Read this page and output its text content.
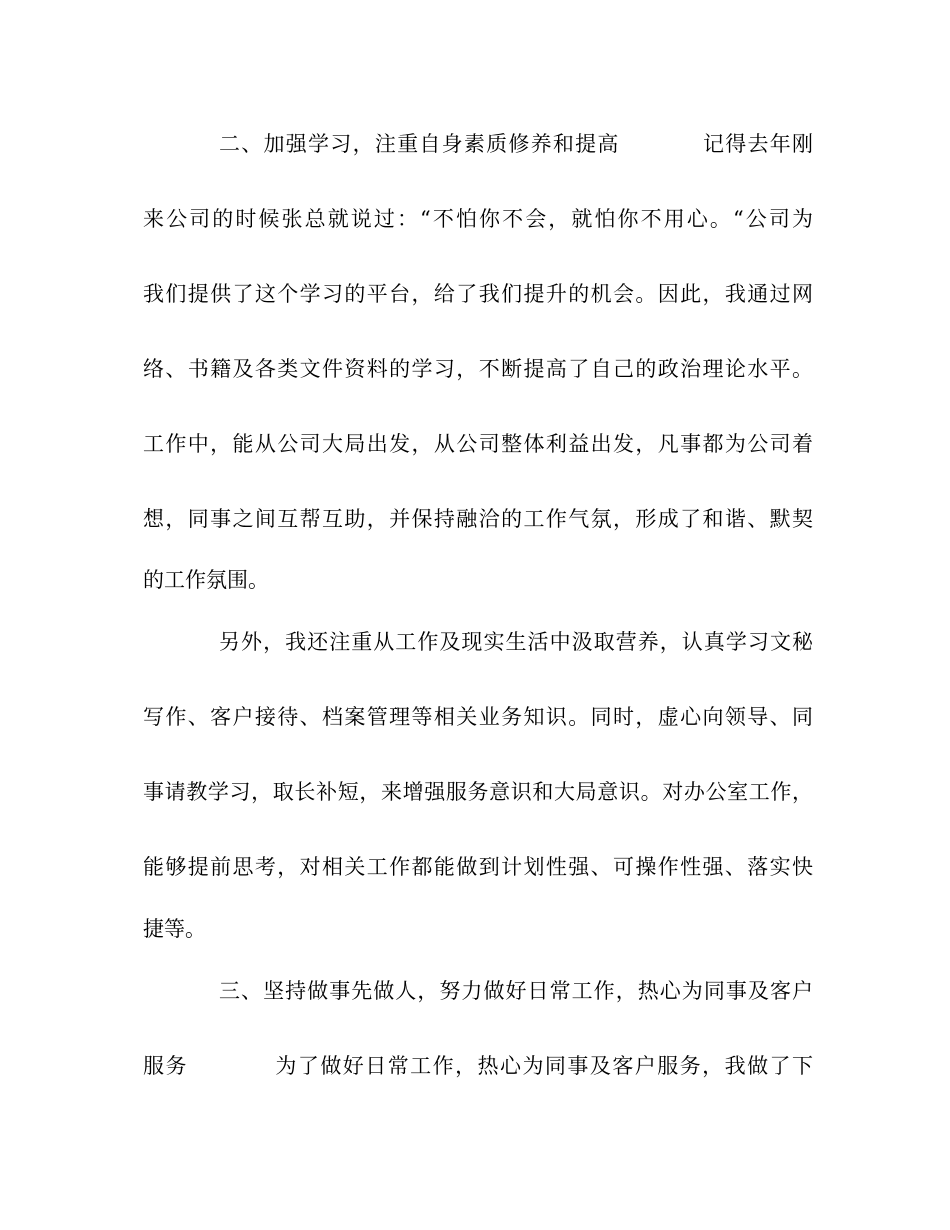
二、加强学习，注重自身素质修养和提高	记得去年刚

来公司的时候张总就说过：“不怕你不会，就怕你不用心。“公司为

我们提供了这个学习的平台，给了我们提升的机会。因此，我通过网

络、书籍及各类文件资料的学习，不断提高了自己的政治理论水平。

工作中，能从公司大局出发，从公司整体利益出发，凡事都为公司着

想，同事之间互帮互助，并保持融洽的工作气氛，形成了和谐、默契

的工作氛围。

另外，我还注重从工作及现实生活中汲取营养，认真学习文秘

写作、客户接待、档案管理等相关业务知识。同时，虚心向领导、同

事请教学习，取长补短，来增强服务意识和大局意识。对办公室工作，

能够提前思考，对相关工作都能做到计划性强、可操作性强、落实快

捷等。

三、坚持做事先做人，努力做好日常工作，热心为同事及客户

服务	为了做好日常工作，热心为同事及客户服务，我做了下
